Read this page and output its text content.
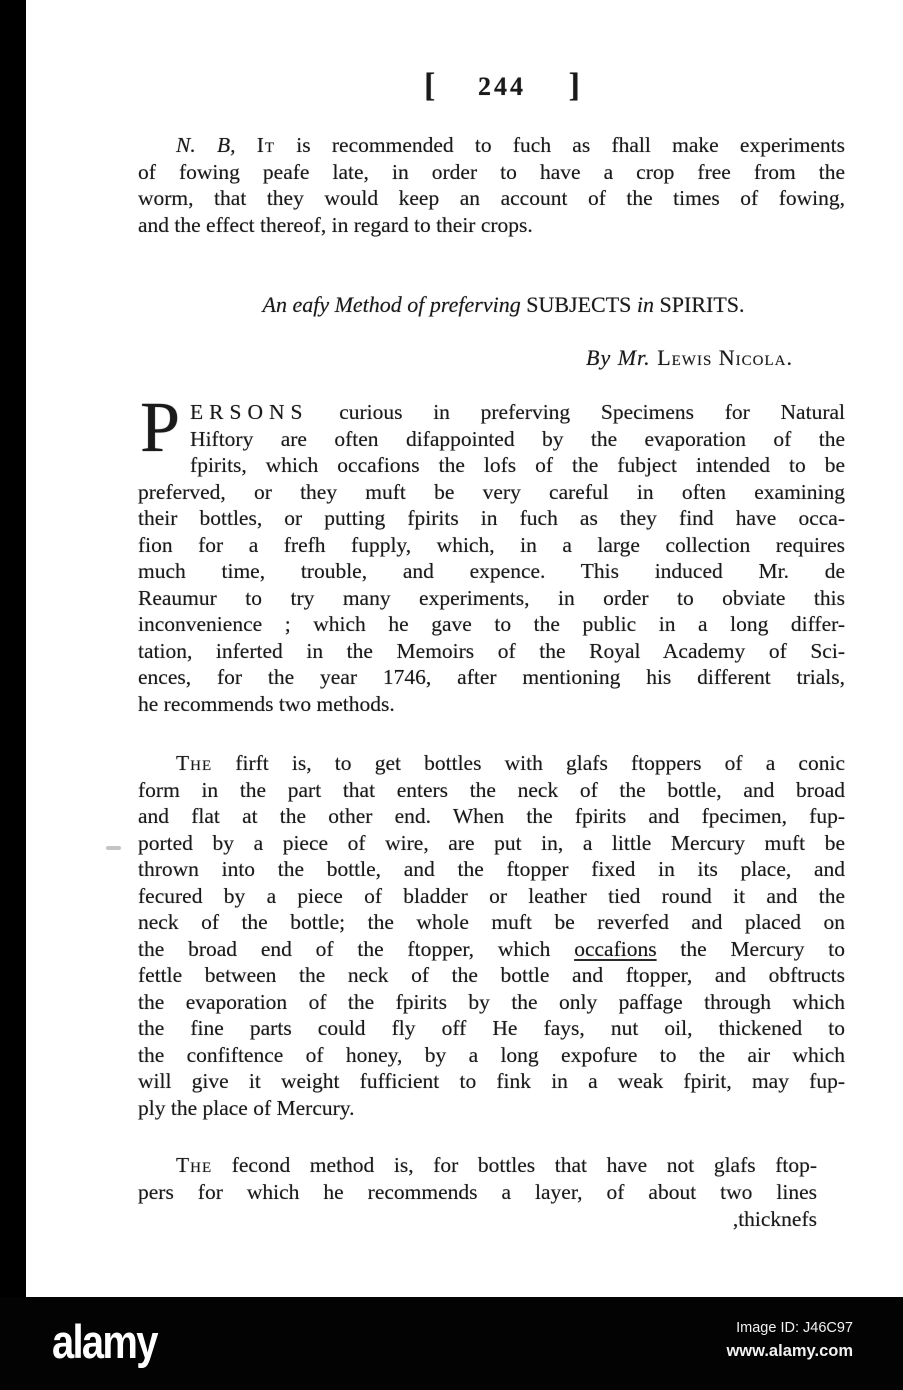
[ 244 ]
N. B, It is recommended to fuch as fhall make experiments
of fowing peafe late, in order to have a crop free from the
worm, that they would keep an account of the times of fowing,
and the effect thereof, in regard to their crops.
An eafy Method of preferving SUBJECTS in SPIRITS.
By Mr. Lewis Nicola.
P ERSONS curious in preferving Specimens for Natural
Hiftory are often difappointed by the evaporation of the
fpirits, which occafions the lofs of the fubject intended to be
preferved, or they muft be very careful in often examining
their bottles, or putting fpirits in fuch as they find have occa-
fion for a frefh fupply, which, in a large collection requires
much time, trouble, and expence. This induced Mr. de
Reaumur to try many experiments, in order to obviate this
inconvenience ; which he gave to the public in a long differ-
tation, inferted in the Memoirs of the Royal Academy of Sci-
ences, for the year 1746, after mentioning his different trials,
he recommends two methods.
The firft is, to get bottles with glafs ftoppers of a conic
form in the part that enters the neck of the bottle, and broad
and flat at the other end. When the fpirits and fpecimen, fup-
ported by a piece of wire, are put in, a little Mercury muft be
thrown into the bottle, and the ftopper fixed in its place, and
fecured by a piece of bladder or leather tied round it and the
neck of the bottle; the whole muft be reverfed and placed on
the broad end of the ftopper, which occafions the Mercury to
fettle between the neck of the bottle and ftopper, and obftructs
the evaporation of the fpirits by the only paffage through which
the fine parts could fly off He fays, nut oil, thickened to
the confiftence of honey, by a long expofure to the air which
will give it weight fufficient to fink in a weak fpirit, may fup-
ply the place of Mercury.
The fecond method is, for bottles that have not glafs ftop-
pers for which he recommends a layer, of about two lines
,thicknefs
alamy	Image ID: J46C97
www.alamy.com
